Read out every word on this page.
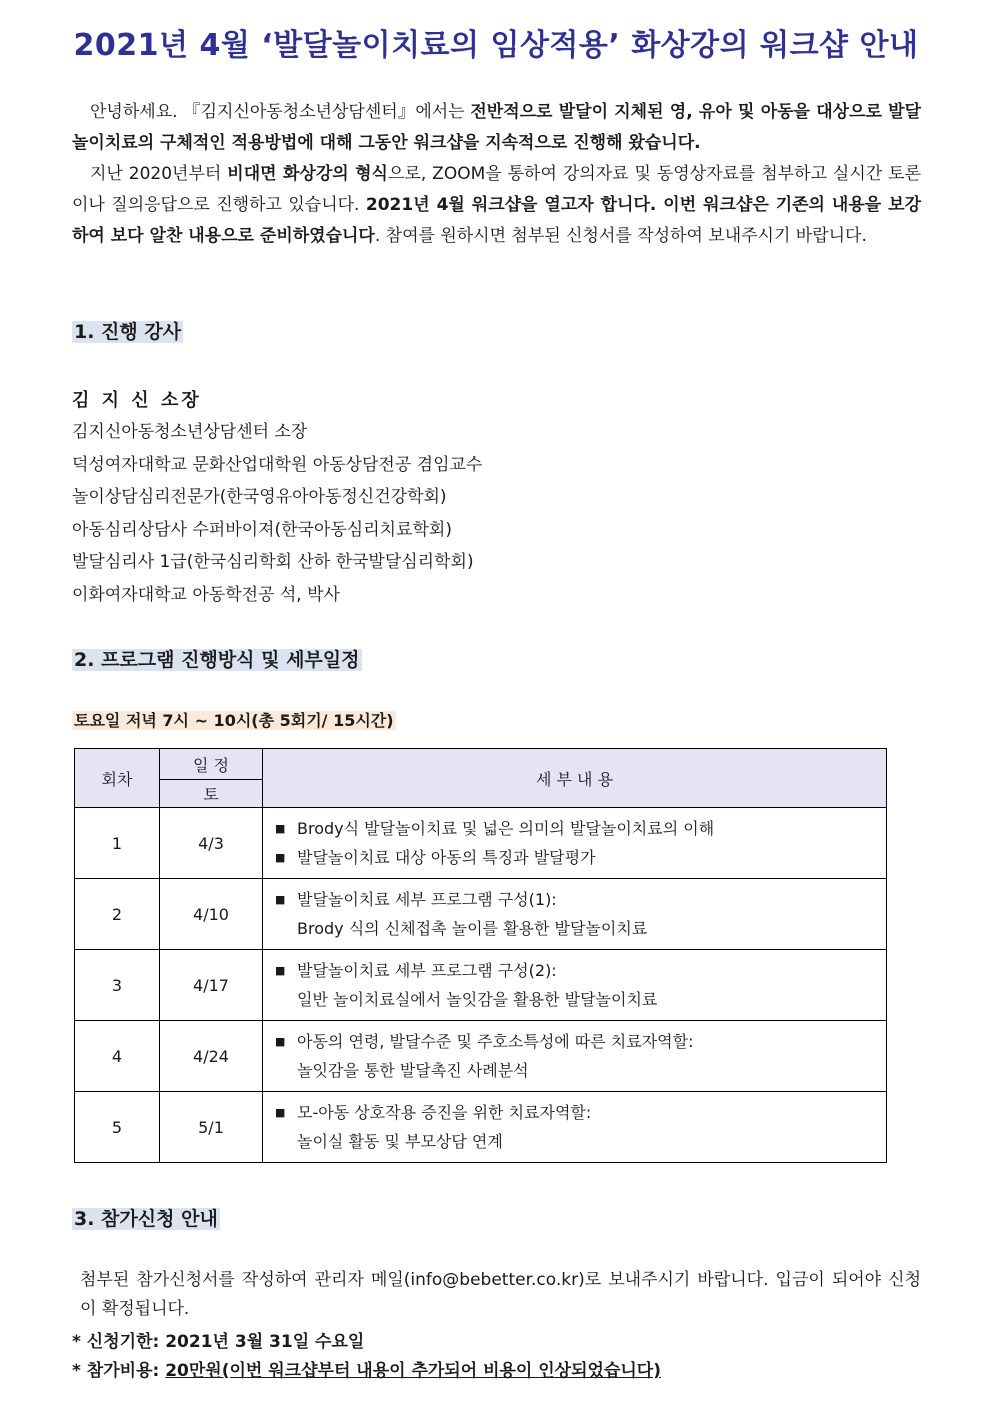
2021년 4월 ‘발달놀이치료의 임상적용’ 화상강의 워크샵 안내

안녕하세요. 『김지신아동청소년상담센터』에서는 전반적으로 발달이 지체된 영, 유아 및 아동을 대상으로 발달놀이치료의 구체적인 적용방법에 대해 그동안 워크샵을 지속적으로 진행해 왔습니다.

지난 2020년부터 비대면 화상강의 형식으로, ZOOM을 통하여 강의자료 및 동영상자료를 첨부하고 실시간 토론이나 질의응답으로 진행하고 있습니다. 2021년 4월 워크샵을 열고자 합니다. 이번 워크샵은 기존의 내용을 보강하여 보다 알찬 내용으로 준비하였습니다. 참여를 원하시면 첨부된 신청서를 작성하여 보내주시기 바랍니다.

1. 진행 강사
김 지 신 소장
김지신아동청소년상담센터 소장
덕성여자대학교 문화산업대학원 아동상담전공 겸임교수
놀이상담심리전문가(한국영유아아동정신건강학회)
아동심리상담사 수퍼바이져(한국아동심리치료학회)
발달심리사 1급(한국심리학회 산하 한국발달심리학회)
이화여자대학교 아동학전공 석, 박사
2. 프로그램 진행방식 및 세부일정
토요일 저녁 7시 ~ 10시(총 5회기/ 15시간)
회차	일 정	세 부 내 용
	토	
1	4/3	■ Brody식 발달놀이치료 및 넓은 의미의 발달놀이치료의 이해
■ 발달놀이치료 대상 아동의 특징과 발달평가

2	4/10	■ 발달놀이치료 세부 프로그램 구성(1):
Brody 식의 신체접촉 놀이를 활용한 발달놀이치료

3	4/17	■ 발달놀이치료 세부 프로그램 구성(2):
일반 놀이치료실에서 놀잇감을 활용한 발달놀이치료

4	4/24	■ 아동의 연령, 발달수준 및 주호소특성에 따른 치료자역할:
놀잇감을 통한 발달촉진 사례분석

5	5/1	■ 모-아동 상호작용 증진을 위한 치료자역할:
놀이실 활동 및 부모상담 연계
3. 참가신청 안내
첨부된 참가신청서를 작성하여 관리자 메일(info@bebetter.co.kr)로 보내주시기 바랍니다. 입금이 되어야 신청이 확정됩니다.
* 신청기한: 2021년 3월 31일 수요일
* 참가비용: 20만원(이번 워크샵부터 내용이 추가되어 비용이 인상되었습니다)
